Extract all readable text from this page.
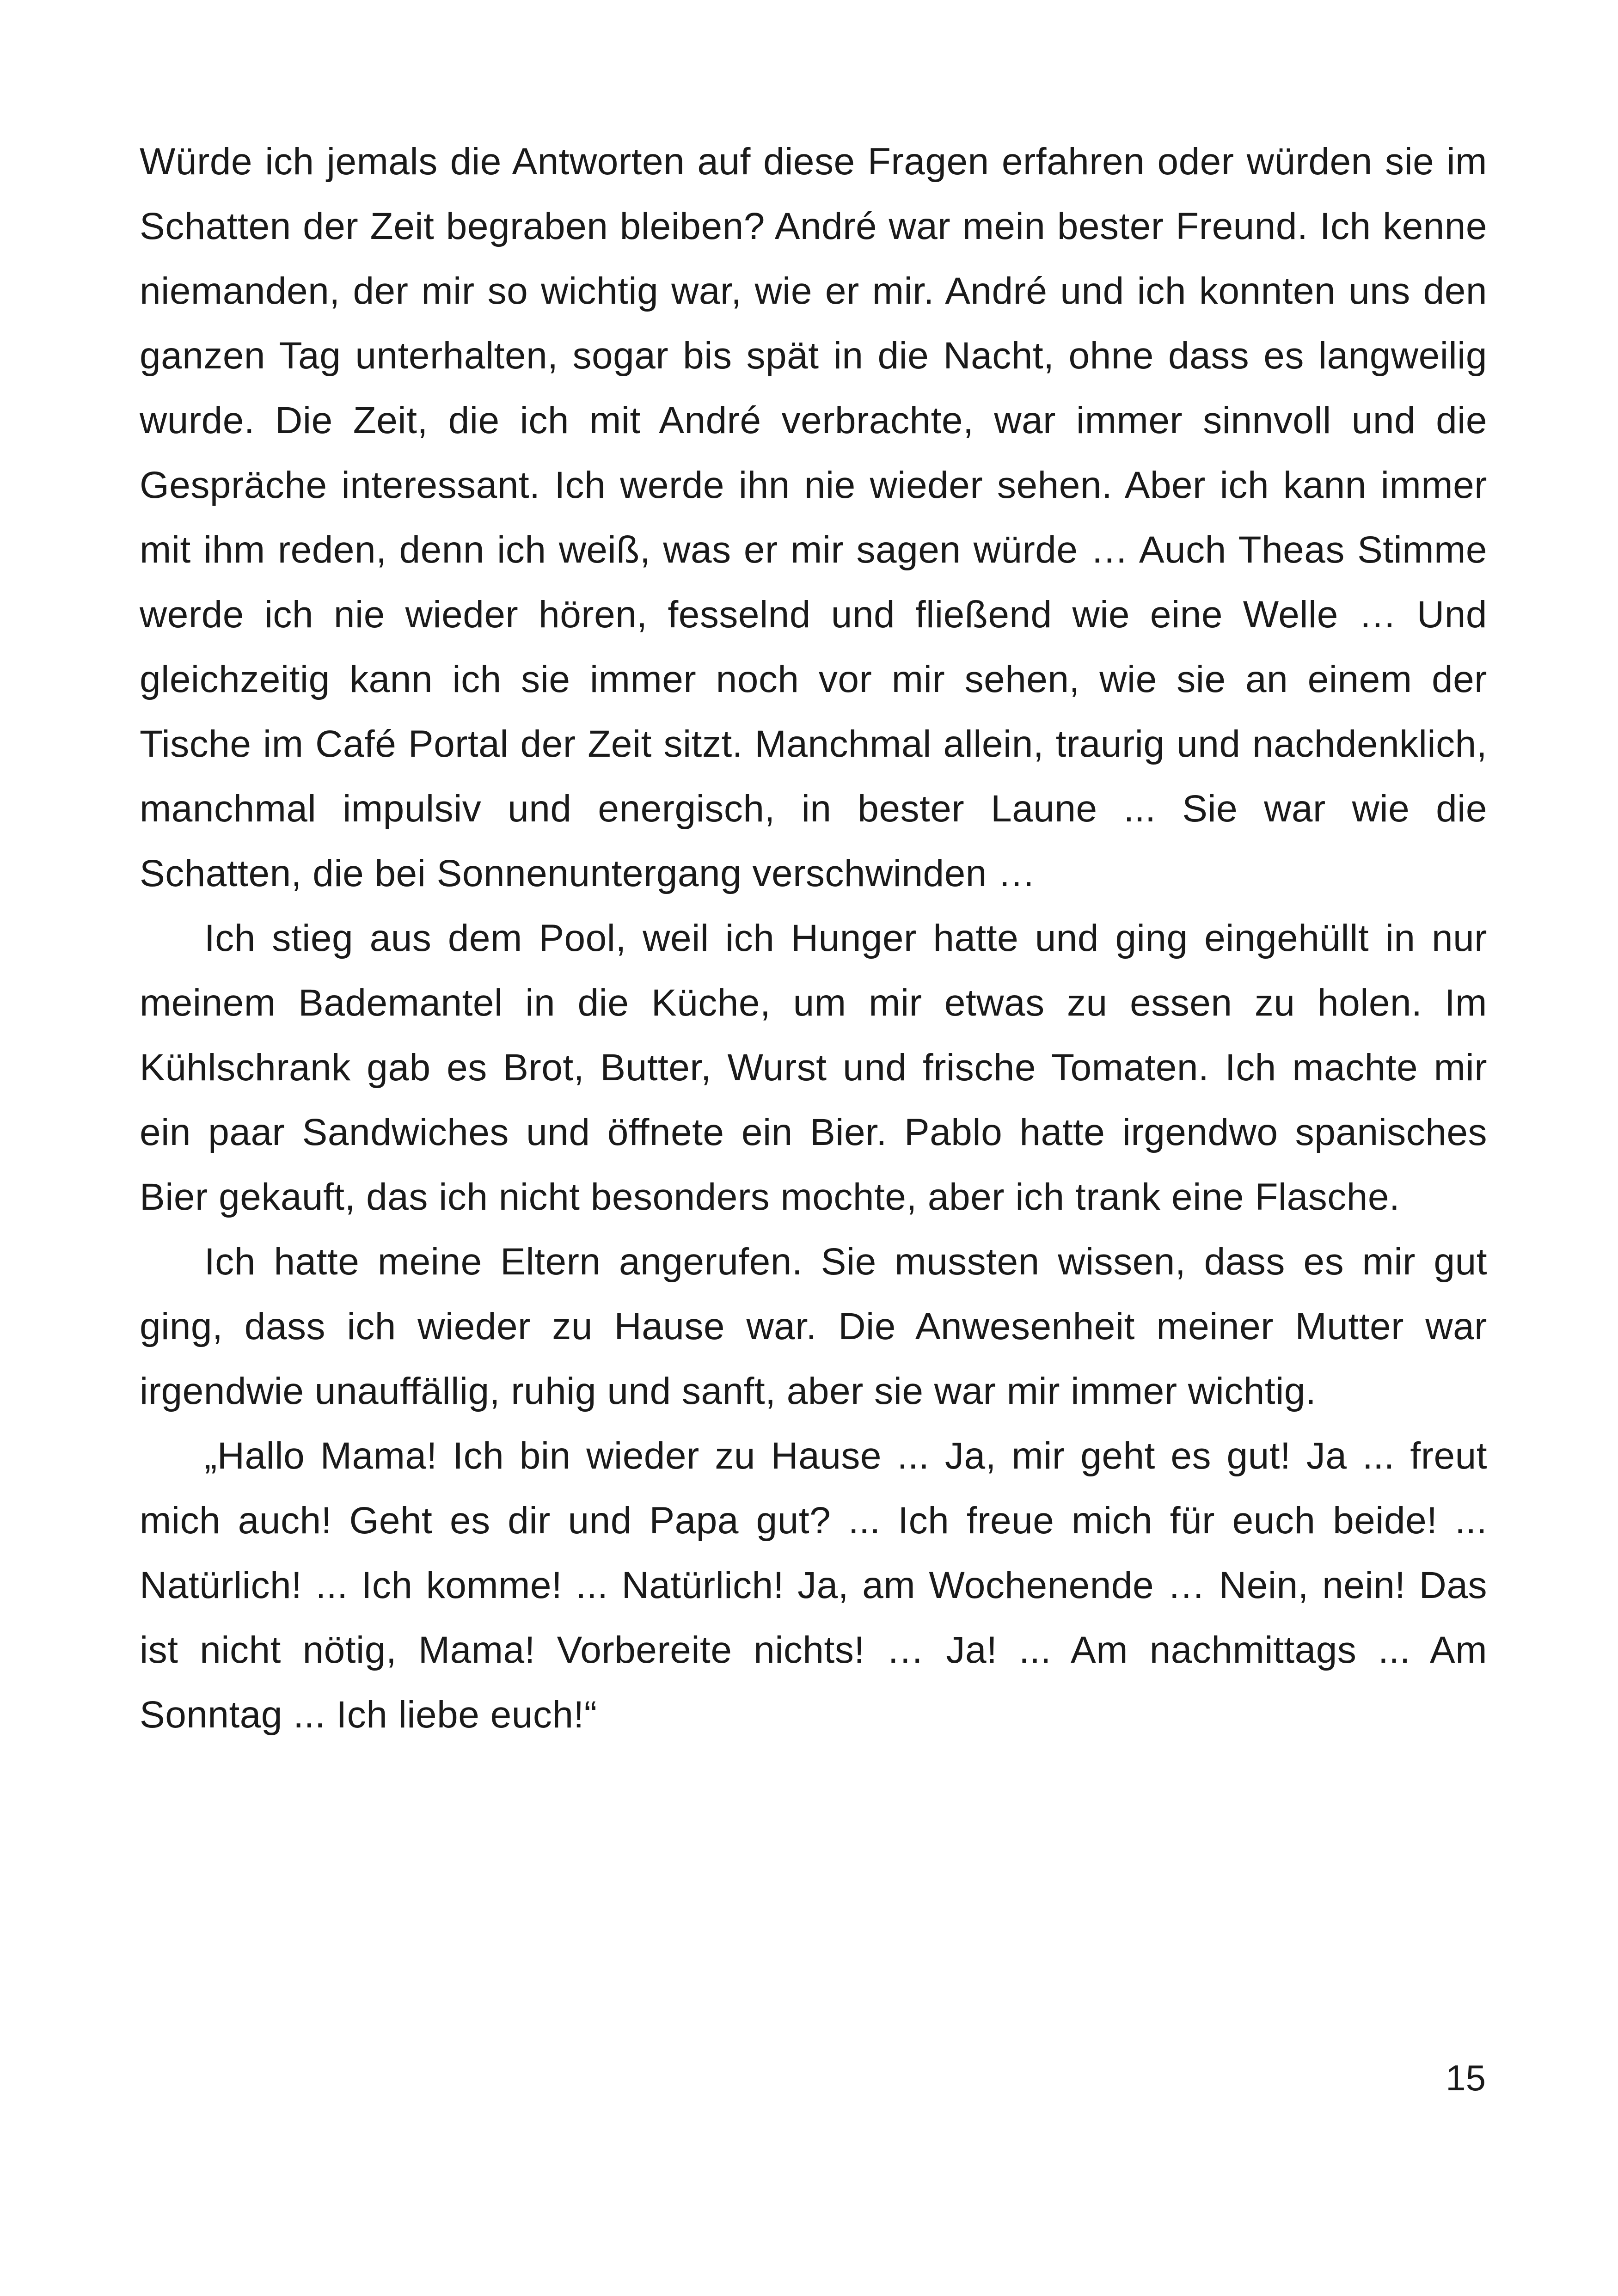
Würde ich jemals die Antworten auf diese Fragen erfahren oder würden sie im Schatten der Zeit begraben bleiben? André war mein bester Freund. Ich kenne niemanden, der mir so wichtig war, wie er mir. André und ich konnten uns den ganzen Tag unterhalten, sogar bis spät in die Nacht, ohne dass es langweilig wurde. Die Zeit, die ich mit André verbrachte, war immer sinnvoll und die Gespräche interessant. Ich werde ihn nie wieder sehen. Aber ich kann immer mit ihm reden, denn ich weiß, was er mir sagen würde … Auch Theas Stimme werde ich nie wieder hören, fesselnd und fließend wie eine Welle … Und gleichzeitig kann ich sie immer noch vor mir sehen, wie sie an einem der Tische im Café Portal der Zeit sitzt. Manchmal allein, traurig und nachdenklich, manchmal impulsiv und energisch, in bester Laune ... Sie war wie die Schatten, die bei Sonnenuntergang verschwinden …

Ich stieg aus dem Pool, weil ich Hunger hatte und ging eingehüllt in nur meinem Bademantel in die Küche, um mir etwas zu essen zu holen. Im Kühlschrank gab es Brot, Butter, Wurst und frische Tomaten. Ich machte mir ein paar Sandwiches und öffnete ein Bier. Pablo hatte irgendwo spanisches Bier gekauft, das ich nicht besonders mochte, aber ich trank eine Flasche.

Ich hatte meine Eltern angerufen. Sie mussten wissen, dass es mir gut ging, dass ich wieder zu Hause war. Die Anwesenheit meiner Mutter war irgendwie unauffällig, ruhig und sanft, aber sie war mir immer wichtig.

„Hallo Mama! Ich bin wieder zu Hause ... Ja, mir geht es gut! Ja ... freut mich auch! Geht es dir und Papa gut? ... Ich freue mich für euch beide! ... Natürlich! ... Ich komme! ... Natürlich! Ja, am Wochenende … Nein, nein! Das ist nicht nötig, Mama! Vorbereite nichts! … Ja! ... Am nachmittags ... Am Sonntag ... Ich liebe euch!“

15
